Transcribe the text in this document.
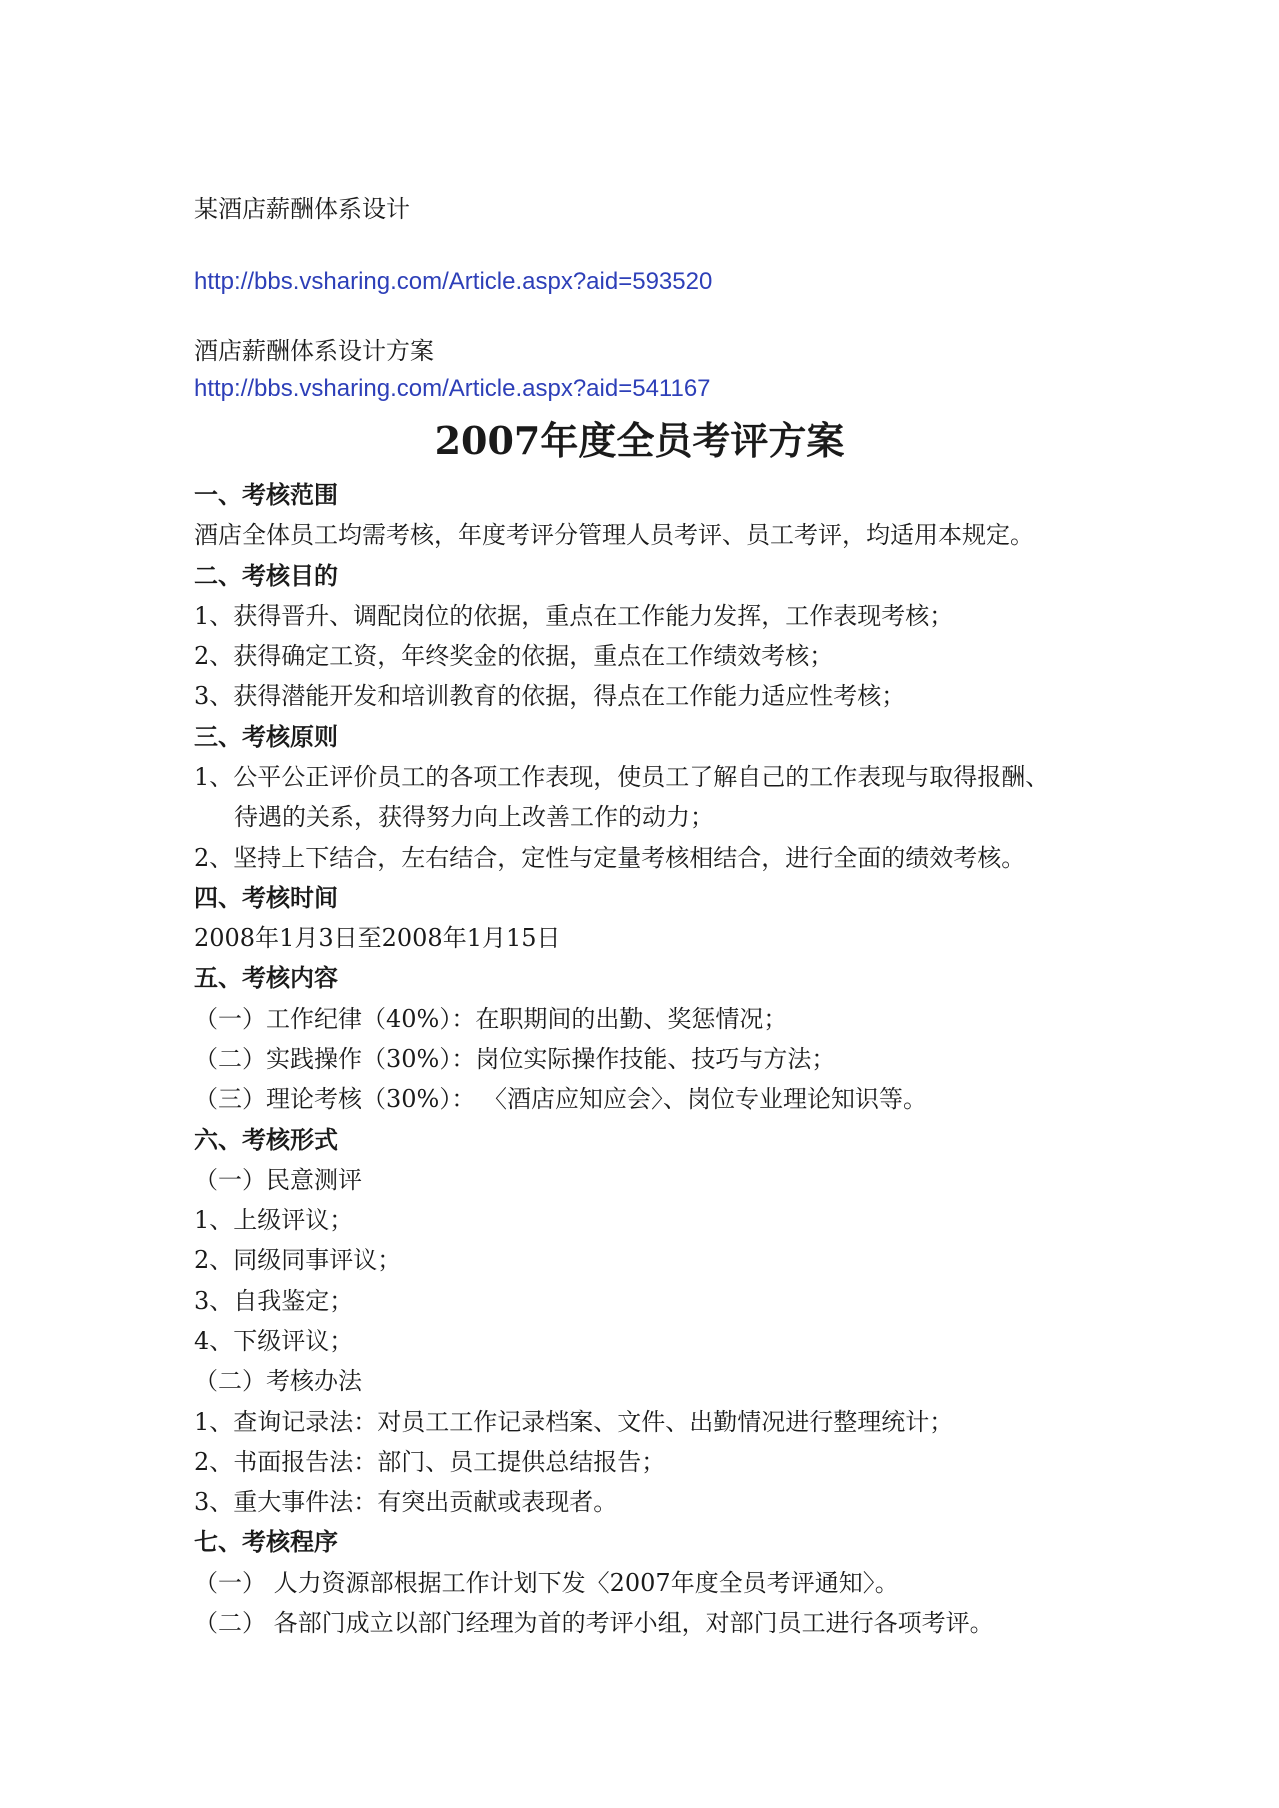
某酒店薪酬体系设计
http://bbs.vsharing.com/Article.aspx?aid=593520
酒店薪酬体系设计方案
http://bbs.vsharing.com/Article.aspx?aid=541167
2007年度全员考评方案
一、考核范围
酒店全体员工均需考核，年度考评分管理人员考评、员工考评，均适用本规定。
二、考核目的
1、获得晋升、调配岗位的依据，重点在工作能力发挥，工作表现考核；
2、获得确定工资，年终奖金的依据，重点在工作绩效考核；
3、获得潜能开发和培训教育的依据，得点在工作能力适应性考核；
三、考核原则
1、公平公正评价员工的各项工作表现，使员工了解自己的工作表现与取得报酬、
待遇的关系，获得努力向上改善工作的动力；
2、坚持上下结合，左右结合，定性与定量考核相结合，进行全面的绩效考核。
四、考核时间
2008年1月3日至2008年1月15日
五、考核内容
（一）工作纪律（40%）：在职期间的出勤、奖惩情况；
（二）实践操作（30%）：岗位实际操作技能、技巧与方法；
（三）理论考核（30%）： 〈酒店应知应会〉、岗位专业理论知识等。
六、考核形式
（一）民意测评
1、上级评议；
2、同级同事评议；
3、自我鉴定；
4、下级评议；
（二）考核办法
1、查询记录法：对员工工作记录档案、文件、出勤情况进行整理统计；
2、书面报告法：部门、员工提供总结报告；
3、重大事件法：有突出贡献或表现者。
七、考核程序
（一） 人力资源部根据工作计划下发〈2007年度全员考评通知〉。
（二） 各部门成立以部门经理为首的考评小组，对部门员工进行各项考评。
